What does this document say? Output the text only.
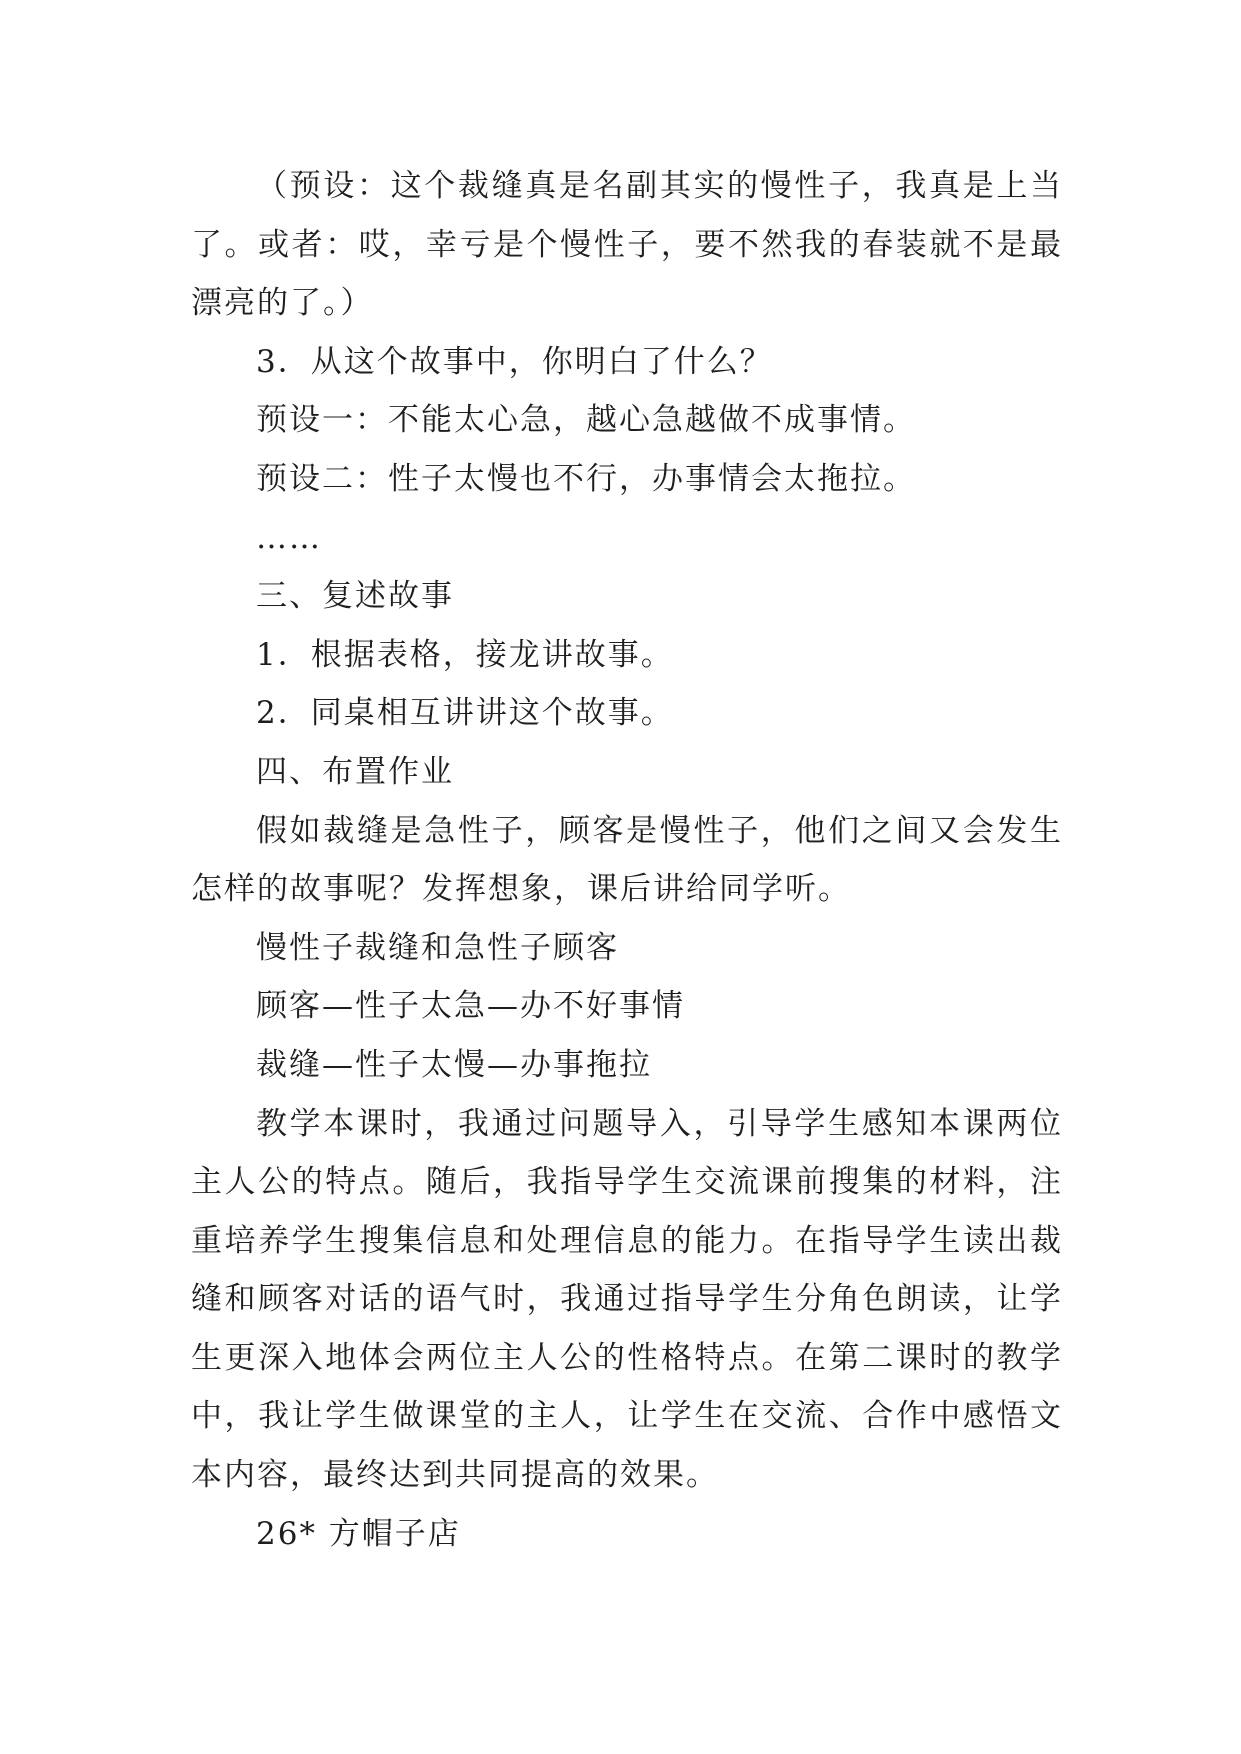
（预设：这个裁缝真是名副其实的慢性子，我真是上当了。或者：哎，幸亏是个慢性子，要不然我的春装就不是最漂亮的了。）

3．从这个故事中，你明白了什么？

预设一：不能太心急，越心急越做不成事情。

预设二：性子太慢也不行，办事情会太拖拉。

……

三、复述故事

1．根据表格，接龙讲故事。

2．同桌相互讲讲这个故事。

四、布置作业

假如裁缝是急性子，顾客是慢性子，他们之间又会发生怎样的故事呢？发挥想象，课后讲给同学听。

慢性子裁缝和急性子顾客

顾客—性子太急—办不好事情

裁缝—性子太慢—办事拖拉

教学本课时，我通过问题导入，引导学生感知本课两位主人公的特点。随后，我指导学生交流课前搜集的材料，注重培养学生搜集信息和处理信息的能力。在指导学生读出裁缝和顾客对话的语气时，我通过指导学生分角色朗读，让学生更深入地体会两位主人公的性格特点。在第二课时的教学中，我让学生做课堂的主人，让学生在交流、合作中感悟文本内容，最终达到共同提高的效果。

26* 方帽子店
